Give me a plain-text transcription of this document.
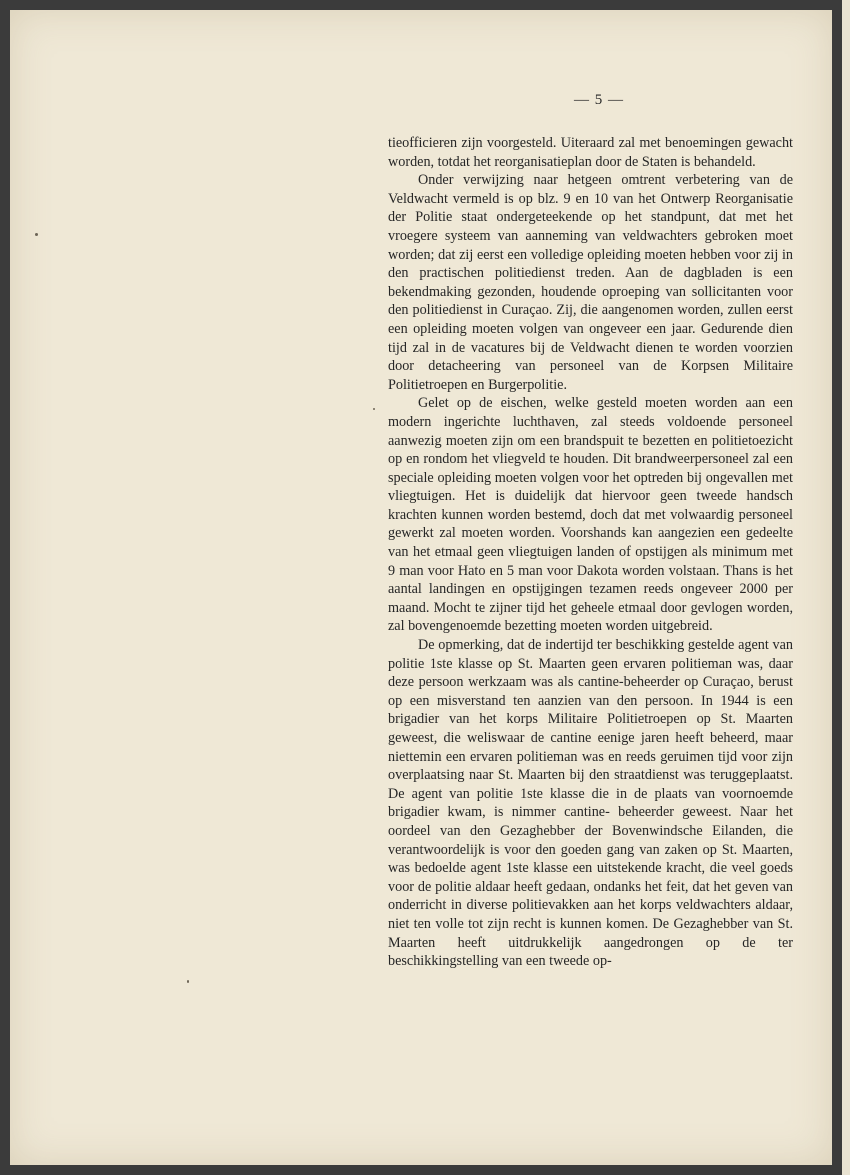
— 5 —

tieofficieren zijn voorgesteld. Uiteraard zal met benoemingen gewacht worden, totdat het reorganisatieplan door de Staten is behandeld.

Onder verwijzing naar hetgeen omtrent verbetering van de Veldwacht vermeld is op blz. 9 en 10 van het Ontwerp Reorganisatie der Politie staat ondergeteekende op het standpunt, dat met het vroegere systeem van aanneming van veldwachters gebroken moet worden; dat zij eerst een volledige opleiding moeten hebben voor zij in den practischen politiedienst treden. Aan de dagbladen is een bekendmaking gezonden, houdende oproeping van sollicitanten voor den politiedienst in Curaçao. Zij, die aangenomen worden, zullen eerst een opleiding moeten volgen van ongeveer een jaar. Gedurende dien tijd zal in de vacatures bij de Veldwacht dienen te worden voorzien door detacheering van personeel van de Korpsen Militaire Politietroepen en Burgerpolitie.

Gelet op de eischen, welke gesteld moeten worden aan een modern ingerichte luchthaven, zal steeds voldoende personeel aanwezig moeten zijn om een brandspuit te bezetten en politietoezicht op en rondom het vliegveld te houden. Dit brandweerpersoneel zal een speciale opleiding moeten volgen voor het optreden bij ongevallen met vliegtuigen. Het is duidelijk dat hiervoor geen tweede handsch krachten kunnen worden bestemd, doch dat met volwaardig personeel gewerkt zal moeten worden. Voorshands kan aangezien een gedeelte van het etmaal geen vliegtuigen landen of opstijgen als minimum met 9 man voor Hato en 5 man voor Dakota worden volstaan. Thans is het aantal landingen en opstijgingen tezamen reeds ongeveer 2000 per maand. Mocht te zijner tijd het geheele etmaal door gevlogen worden, zal bovengenoemde bezetting moeten worden uitgebreid.

De opmerking, dat de indertijd ter beschikking gestelde agent van politie 1ste klasse op St. Maarten geen ervaren politieman was, daar deze persoon werkzaam was als cantine-beheerder op Curaçao, berust op een misverstand ten aanzien van den persoon. In 1944 is een brigadier van het korps Militaire Politietroepen op St. Maarten geweest, die weliswaar de cantine eenige jaren heeft beheerd, maar niettemin een ervaren politieman was en reeds geruimen tijd voor zijn overplaatsing naar St. Maarten bij den straatdienst was teruggeplaatst. De agent van politie 1ste klasse die in de plaats van voornoemde brigadier kwam, is nimmer cantine- beheerder geweest. Naar het oordeel van den Gezaghebber der Bovenwindsche Eilanden, die verantwoordelijk is voor den goeden gang van zaken op St. Maarten, was bedoelde agent 1ste klasse een uitstekende kracht, die veel goeds voor de politie aldaar heeft gedaan, ondanks het feit, dat het geven van onderricht in diverse politievakken aan het korps veldwachters aldaar, niet ten volle tot zijn recht is kunnen komen. De Gezaghebber van St. Maarten heeft uitdrukkelijk aangedrongen op de ter beschikkingstelling van een tweede op-
